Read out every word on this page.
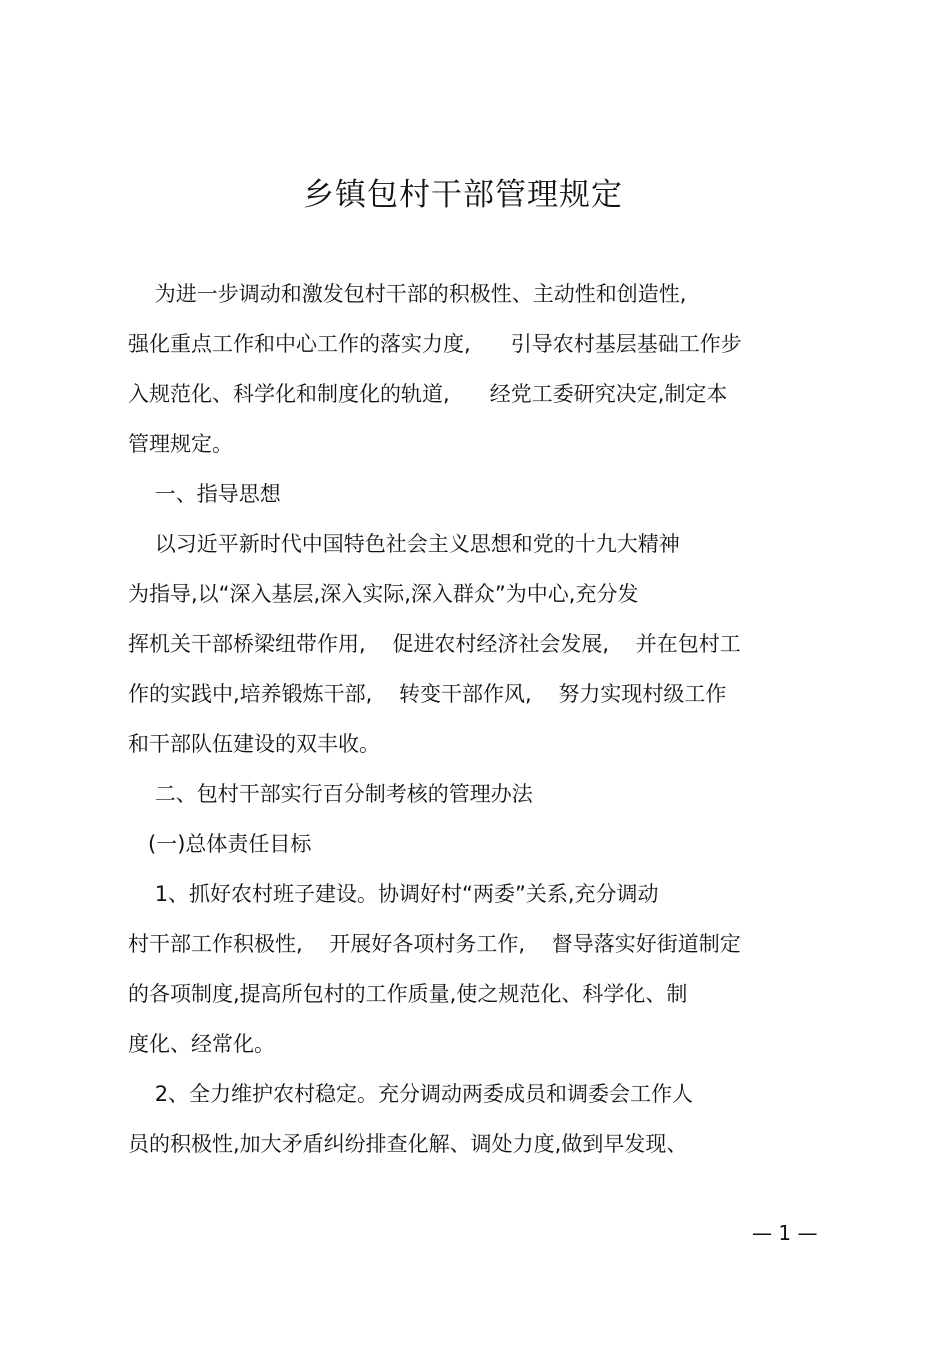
乡镇包村干部管理规定
为进一步调动和激发包村干部的积极性、主动性和创造性,
强化重点工作和中心工作的落实力度,      引导农村基层基础工作步
入规范化、科学化和制度化的轨道,      经党工委研究决定,制定本
管理规定。
一、指导思想
以习近平新时代中国特色社会主义思想和党的十九大精神
为指导,以“深入基层,深入实际,深入群众”为中心,充分发
挥机关干部桥梁纽带作用,    促进农村经济社会发展,    并在包村工
作的实践中,培养锻炼干部,    转变干部作风,    努力实现村级工作
和干部队伍建设的双丰收。
二、包村干部实行百分制考核的管理办法
(一)总体责任目标
1、抓好农村班子建设。协调好村“两委”关系,充分调动
村干部工作积极性,    开展好各项村务工作,    督导落实好街道制定
的各项制度,提高所包村的工作质量,使之规范化、科学化、制
度化、经常化。
2、全力维护农村稳定。充分调动两委成员和调委会工作人
员的积极性,加大矛盾纠纷排查化解、调处力度,做到早发现、
— 1 —
